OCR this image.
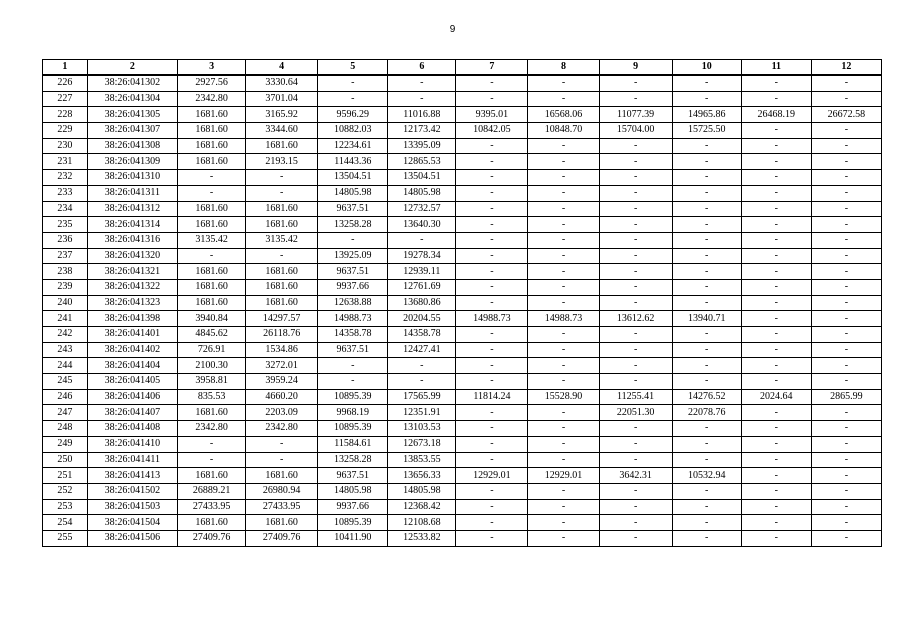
9
1	2	3	4	5	6	7	8	9	10	11	12
226	38:26:041302	2927.56	3330.64	-	-	-	-	-	-	-	-
227	38:26:041304	2342.80	3701.04	-	-	-	-	-	-	-	-
228	38:26:041305	1681.60	3165.92	9596.29	11016.88	9395.01	16568.06	11077.39	14965.86	26468.19	26672.58
229	38:26:041307	1681.60	3344.60	10882.03	12173.42	10842.05	10848.70	15704.00	15725.50	-	-
230	38:26:041308	1681.60	1681.60	12234.61	13395.09	-	-	-	-	-	-
231	38:26:041309	1681.60	2193.15	11443.36	12865.53	-	-	-	-	-	-
232	38:26:041310	-	-	13504.51	13504.51	-	-	-	-	-	-
233	38:26:041311	-	-	14805.98	14805.98	-	-	-	-	-	-
234	38:26:041312	1681.60	1681.60	9637.51	12732.57	-	-	-	-	-	-
235	38:26:041314	1681.60	1681.60	13258.28	13640.30	-	-	-	-	-	-
236	38:26:041316	3135.42	3135.42	-	-	-	-	-	-	-	-
237	38:26:041320	-	-	13925.09	19278.34	-	-	-	-	-	-
238	38:26:041321	1681.60	1681.60	9637.51	12939.11	-	-	-	-	-	-
239	38:26:041322	1681.60	1681.60	9937.66	12761.69	-	-	-	-	-	-
240	38:26:041323	1681.60	1681.60	12638.88	13680.86	-	-	-	-	-	-
241	38:26:041398	3940.84	14297.57	14988.73	20204.55	14988.73	14988.73	13612.62	13940.71	-	-
242	38:26:041401	4845.62	26118.76	14358.78	14358.78	-	-	-	-	-	-
243	38:26:041402	726.91	1534.86	9637.51	12427.41	-	-	-	-	-	-
244	38:26:041404	2100.30	3272.01	-	-	-	-	-	-	-	-
245	38:26:041405	3958.81	3959.24	-	-	-	-	-	-	-	-
246	38:26:041406	835.53	4660.20	10895.39	17565.99	11814.24	15528.90	11255.41	14276.52	2024.64	2865.99
247	38:26:041407	1681.60	2203.09	9968.19	12351.91	-	-	22051.30	22078.76	-	-
248	38:26:041408	2342.80	2342.80	10895.39	13103.53	-	-	-	-	-	-
249	38:26:041410	-	-	11584.61	12673.18	-	-	-	-	-	-
250	38:26:041411	-	-	13258.28	13853.55	-	-	-	-	-	-
251	38:26:041413	1681.60	1681.60	9637.51	13656.33	12929.01	12929.01	3642.31	10532.94	-	-
252	38:26:041502	26889.21	26980.94	14805.98	14805.98	-	-	-	-	-	-
253	38:26:041503	27433.95	27433.95	9937.66	12368.42	-	-	-	-	-	-
254	38:26:041504	1681.60	1681.60	10895.39	12108.68	-	-	-	-	-	-
255	38:26:041506	27409.76	27409.76	10411.90	12533.82	-	-	-	-	-	-
